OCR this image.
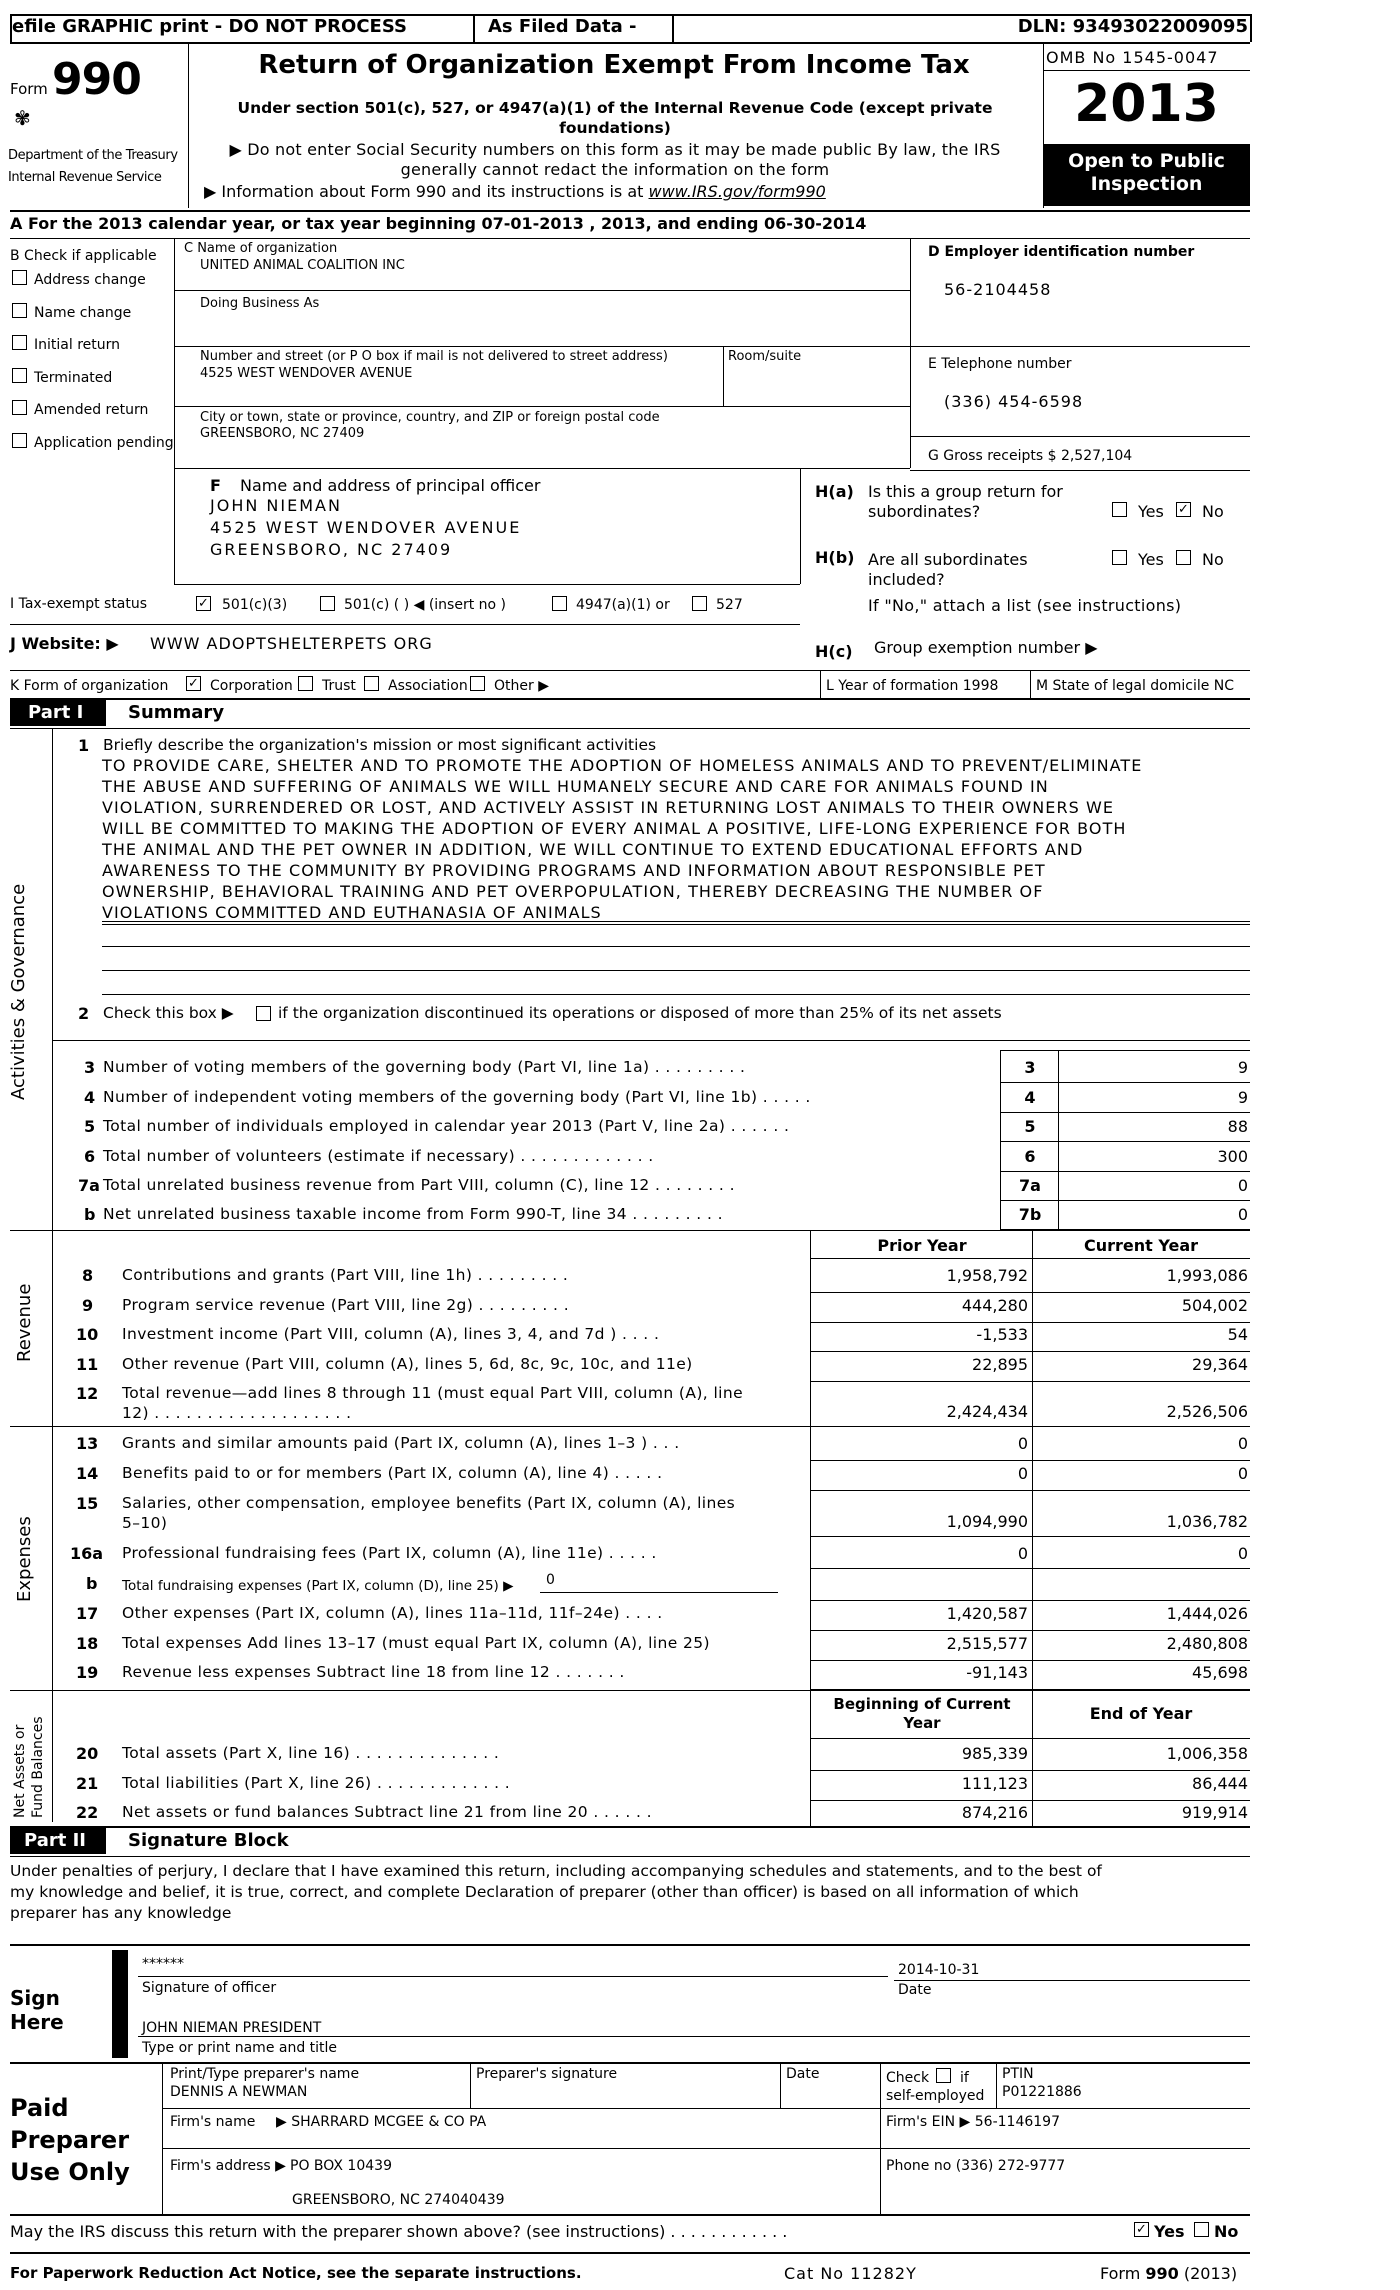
efile GRAPHIC print - DO NOT PROCESS	As Filed Data -	DLN: 93493022009095
Form 990
✾
Department of the Treasury
Internal Revenue Service
Return of Organization Exempt From Income Tax
Under section 501(c), 527, or 4947(a)(1) of the Internal Revenue Code (except private foundations)
▶ Do not enter Social Security numbers on this form as it may be made public By law, the IRS generally cannot redact the information on the form
▶ Information about Form 990 and its instructions is at www.IRS.gov/form990
OMB No 1545-0047
2013
Open to Public
Inspection
A For the 2013 calendar year, or tax year beginning 07-01-2013 , 2013, and ending 06-30-2014
B Check if applicable
Address change
Name change
Initial return
Terminated
Amended return
Application pending
C Name of organization
UNITED ANIMAL COALITION INC
Doing Business As
Number and street (or P O box if mail is not delivered to street address)	Room/suite
4525 WEST WENDOVER AVENUE
City or town, state or province, country, and ZIP or foreign postal code
GREENSBORO, NC 27409
D Employer identification number
56-2104458
E Telephone number
(336) 454-6598
G Gross receipts $ 2,527,104
F Name and address of principal officer
JOHN NIEMAN
4525 WEST WENDOVER AVENUE
GREENSBORO, NC 27409
H(a) Is this a group return for
subordinates?	Yes ✓ No
H(b) Are all subordinates
included?
Yes No
If "No," attach a list (see instructions)
H(c) Group exemption number ▶
I Tax-exempt status	✓ 501(c)(3)	501(c) ( ) ◀ (insert no )	4947(a)(1) or	527
J Website: ▶ WWW ADOPTSHELTERPETS ORG
K Form of organization ✓ Corporation Trust Association Other ▶	L Year of formation 1998	M State of legal domicile NC
Part I	Summary
Activities & Governance
Revenue
Expenses
Net Assets or Fund Balances
1 Briefly describe the organization's mission or most significant activities
TO PROVIDE CARE, SHELTER AND TO PROMOTE THE ADOPTION OF HOMELESS ANIMALS AND TO PREVENT/ELIMINATE
THE ABUSE AND SUFFERING OF ANIMALS WE WILL HUMANELY SECURE AND CARE FOR ANIMALS FOUND IN
VIOLATION, SURRENDERED OR LOST, AND ACTIVELY ASSIST IN RETURNING LOST ANIMALS TO THEIR OWNERS WE
WILL BE COMMITTED TO MAKING THE ADOPTION OF EVERY ANIMAL A POSITIVE, LIFE-LONG EXPERIENCE FOR BOTH
THE ANIMAL AND THE PET OWNER IN ADDITION, WE WILL CONTINUE TO EXTEND EDUCATIONAL EFFORTS AND
AWARENESS TO THE COMMUNITY BY PROVIDING PROGRAMS AND INFORMATION ABOUT RESPONSIBLE PET
OWNERSHIP, BEHAVIORAL TRAINING AND PET OVERPOPULATION, THEREBY DECREASING THE NUMBER OF
VIOLATIONS COMMITTED AND EUTHANASIA OF ANIMALS
2 Check this box ▶	if the organization discontinued its operations or disposed of more than 25% of its net assets
3 Number of voting members of the governing body (Part VI, line 1a) . . . . . . . . .	3	9
4 Number of independent voting members of the governing body (Part VI, line 1b) . . . . .	4	9
5 Total number of individuals employed in calendar year 2013 (Part V, line 2a) . . . . . .	5	88
6 Total number of volunteers (estimate if necessary) . . . . . . . . . . . . .	6	300
7a Total unrelated business revenue from Part VIII, column (C), line 12 . . . . . . . .	7a	0
b Net unrelated business taxable income from Form 990-T, line 34 . . . . . . . . .	7b	0
Prior Year	Current Year
8 Contributions and grants (Part VIII, line 1h) . . . . . . . . .	1,958,792	1,993,086
9 Program service revenue (Part VIII, line 2g) . . . . . . . . .	444,280	504,002
10 Investment income (Part VIII, column (A), lines 3, 4, and 7d ) . . . .	-1,533	54
11 Other revenue (Part VIII, column (A), lines 5, 6d, 8c, 9c, 10c, and 11e)	22,895	29,364
12 Total revenue—add lines 8 through 11 (must equal Part VIII, column (A), line
12) . . . . . . . . . . . . . . . . . . .	2,424,434	2,526,506
13 Grants and similar amounts paid (Part IX, column (A), lines 1–3 ) . . .	0	0
14 Benefits paid to or for members (Part IX, column (A), line 4) . . . . .	0	0
15 Salaries, other compensation, employee benefits (Part IX, column (A), lines
5–10)	1,094,990	1,036,782
16a Professional fundraising fees (Part IX, column (A), line 11e) . . . . .	0	0
b Total fundraising expenses (Part IX, column (D), line 25) ▶ 0
17 Other expenses (Part IX, column (A), lines 11a–11d, 11f–24e) . . . .	1,420,587	1,444,026
18 Total expenses Add lines 13–17 (must equal Part IX, column (A), line 25)	2,515,577	2,480,808
19 Revenue less expenses Subtract line 18 from line 12 . . . . . . .	-91,143	45,698
Beginning of Current
Year	End of Year
20 Total assets (Part X, line 16) . . . . . . . . . . . . . .	985,339	1,006,358
21 Total liabilities (Part X, line 26) . . . . . . . . . . . . .	111,123	86,444
22 Net assets or fund balances Subtract line 21 from line 20 . . . . . .	874,216	919,914
Part II	Signature Block
Under penalties of perjury, I declare that I have examined this return, including accompanying schedules and statements, and to the best of
my knowledge and belief, it is true, correct, and complete Declaration of preparer (other than officer) is based on all information of which
preparer has any knowledge
Sign
Here
******
Signature of officer
2014-10-31
Date
JOHN NIEMAN PRESIDENT
Type or print name and title
Paid
Preparer
Use Only
Print/Type preparer's name
DENNIS A NEWMAN
Preparer's signature	Date	Check if
self-employed
PTIN
P01221886
Firm's name ▶ SHARRARD MCGEE & CO PA	Firm's EIN ▶ 56-1146197
Firm's address ▶ PO BOX 10439
GREENSBORO, NC 274040439
Phone no (336) 272-9777
May the IRS discuss this return with the preparer shown above? (see instructions) . . . . . . . . . . . .	✓ Yes No
For Paperwork Reduction Act Notice, see the separate instructions.	Cat No 11282Y	Form 990 (2013)
